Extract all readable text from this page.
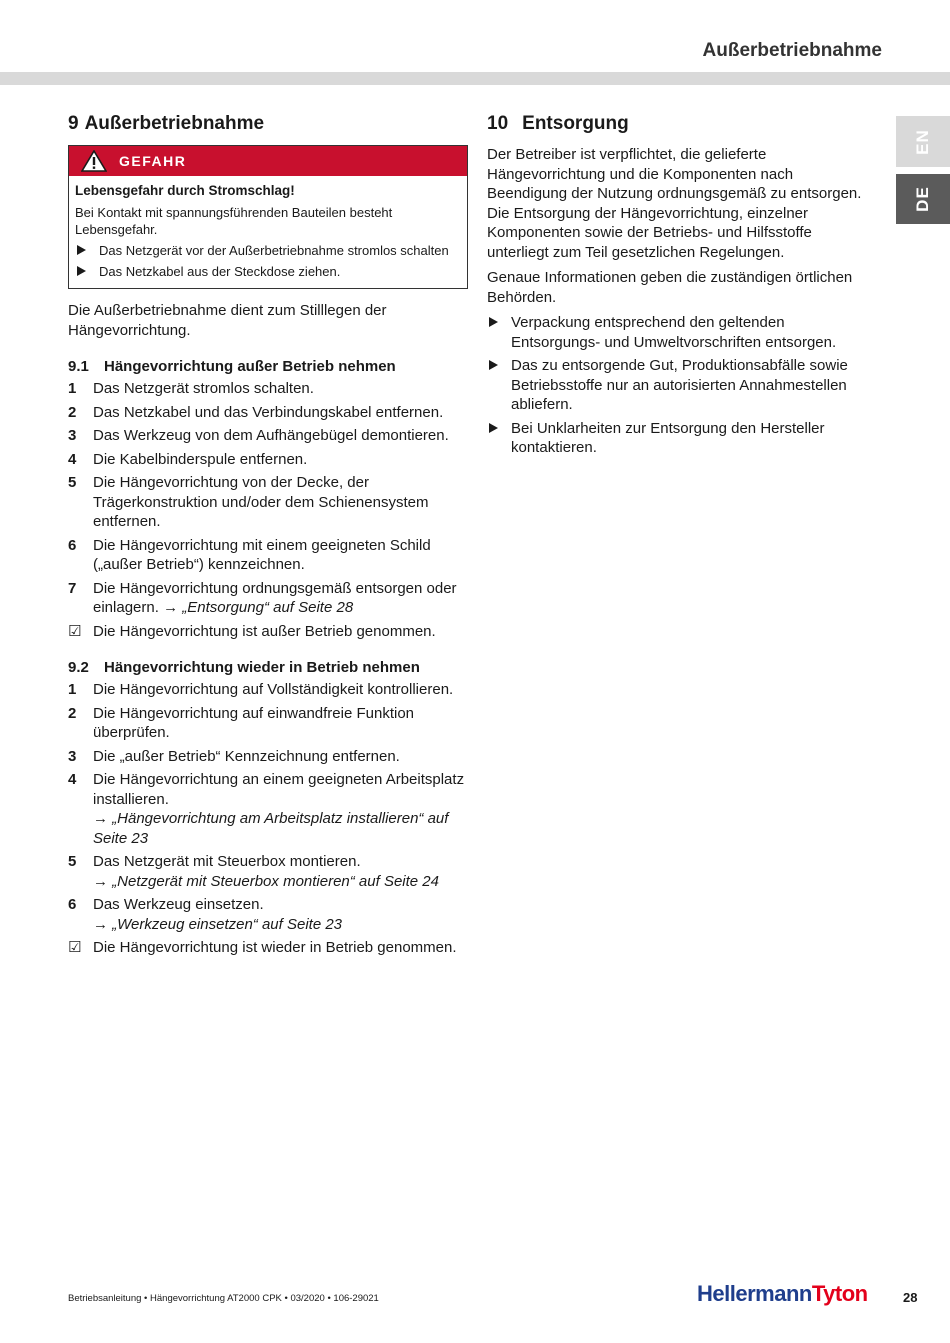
Außerbetriebnahme
EN
DE
9 Außerbetriebnahme
GEFAHR
Lebensgefahr durch Stromschlag!
Bei Kontakt mit spannungsführenden Bauteilen besteht Lebensgefahr.
Das Netzgerät vor der Außerbetriebnahme stromlos schalten
Das Netzkabel aus der Steckdose ziehen.

Die Außerbetriebnahme dient zum Stilllegen der Hängevorrichtung.

9.1 Hängevorrichtung außer Betrieb nehmen
1	Das Netzgerät stromlos schalten.
2	Das Netzkabel und das Verbindungskabel entfernen.
3	Das Werkzeug von dem Aufhängebügel demontieren.
4	Die Kabelbinderspule entfernen.
5	Die Hängevorrichtung von der Decke, der Trägerkonstruktion und/oder dem Schienensystem entfernen.
6	Die Hängevorrichtung mit einem geeigneten Schild („außer Betrieb“) kennzeichnen.
7	Die Hängevorrichtung ordnungsgemäß entsorgen oder einlagern. → „Entsorgung“ auf Seite 28
☑ Die Hängevorrichtung ist außer Betrieb genommen.
9.2 Hängevorrichtung wieder in Betrieb nehmen
1	Die Hängevorrichtung auf Vollständigkeit kontrollieren.
2	Die Hängevorrichtung auf einwandfreie Funktion überprüfen.
3	Die „außer Betrieb“ Kennzeichnung entfernen.
4	Die Hängevorrichtung an einem geeigneten Arbeitsplatz installieren.
→ „Hängevorrichtung am Arbeitsplatz installieren“ auf Seite 23
5	Das Netzgerät mit Steuerbox montieren.
→ „Netzgerät mit Steuerbox montieren“ auf Seite 24
6	Das Werkzeug einsetzen.
→ „Werkzeug einsetzen“ auf Seite 23
☑ Die Hängevorrichtung ist wieder in Betrieb genommen.
10 Entsorgung

Der Betreiber ist verpflichtet, die gelieferte Hängevorrichtung und die Komponenten nach Beendigung der Nutzung ordnungsgemäß zu entsorgen. Die Entsorgung der Hängevorrichtung, einzelner Komponenten sowie der Betriebs- und Hilfsstoffe unterliegt zum Teil gesetzlichen Regelungen.

Genaue Informationen geben die zuständigen örtlichen Behörden.

Verpackung entsprechend den geltenden Entsorgungs- und Umweltvorschriften entsorgen.
Das zu entsorgende Gut, Produktionsabfälle sowie Betriebsstoffe nur an autorisierten Annahmestellen abliefern.
Bei Unklarheiten zur Entsorgung den Hersteller kontaktieren.
Betriebsanleitung • Hängevorrichtung AT2000 CPK • 03/2020 • 106-29021	HellermannTyton	28
